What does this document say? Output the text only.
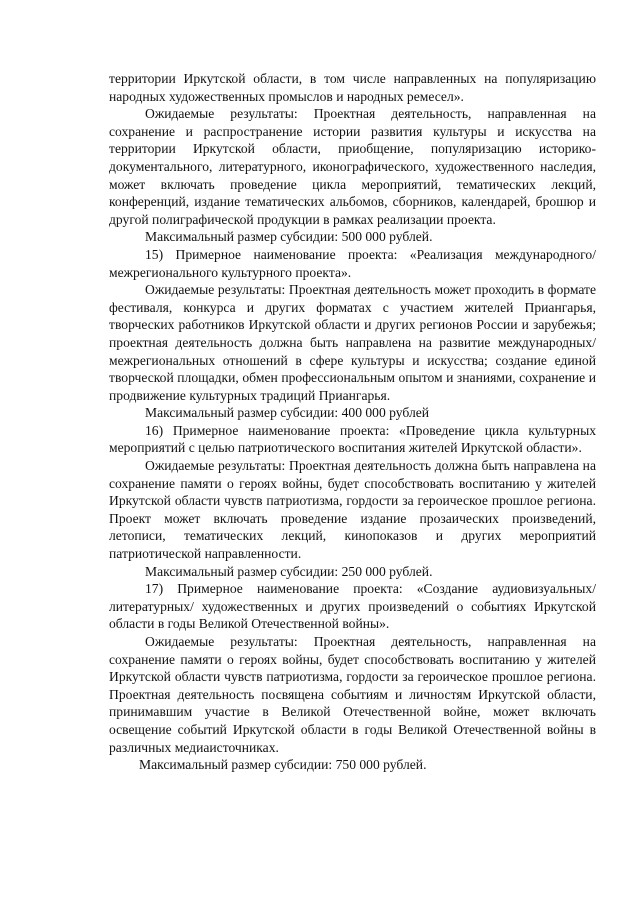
территории Иркутской области, в том числе направленных на популяризацию народных художественных промыслов и народных ремесел».

Ожидаемые результаты: Проектная деятельность, направленная на сохранение и распространение истории развития культуры и искусства на территории Иркутской области, приобщение, популяризацию историко-документального, литературного, иконографического, художественного наследия, может включать проведение цикла мероприятий, тематических лекций, конференций, издание тематических альбомов, сборников, календарей, брошюр и другой полиграфической продукции в рамках реализации проекта.

Максимальный размер субсидии: 500 000 рублей.

15) Примерное наименование проекта: «Реализация международного/межрегионального культурного проекта».

Ожидаемые результаты: Проектная деятельность может проходить в формате фестиваля, конкурса и других форматах с участием жителей Приангарья, творческих работников Иркутской области и других регионов России и зарубежья; проектная деятельность должна быть направлена на развитие международных/межрегиональных отношений в сфере культуры и искусства; создание единой творческой площадки, обмен профессиональным опытом и знаниями, сохранение и продвижение культурных традиций Приангарья.

Максимальный размер субсидии: 400 000 рублей

16) Примерное наименование проекта: «Проведение цикла культурных мероприятий с целью патриотического воспитания жителей Иркутской области».

Ожидаемые результаты: Проектная деятельность должна быть направлена на сохранение памяти о героях войны, будет способствовать воспитанию у жителей Иркутской области чувств патриотизма, гордости за героическое прошлое региона. Проект может включать проведение издание прозаических произведений, летописи, тематических лекций, кинопоказов и других мероприятий патриотической направленности.

Максимальный размер субсидии: 250 000 рублей.

17) Примерное наименование проекта: «Создание аудиовизуальных/ литературных/ художественных и других произведений о событиях Иркутской области в годы Великой Отечественной войны».

Ожидаемые результаты: Проектная деятельность, направленная на сохранение памяти о героях войны, будет способствовать воспитанию у жителей Иркутской области чувств патриотизма, гордости за героическое прошлое региона. Проектная деятельность посвящена событиям и личностям Иркутской области, принимавшим участие в Великой Отечественной войне, может включать освещение событий Иркутской области в годы Великой Отечественной войны в различных медиаисточниках.

Максимальный размер субсидии: 750 000 рублей.
